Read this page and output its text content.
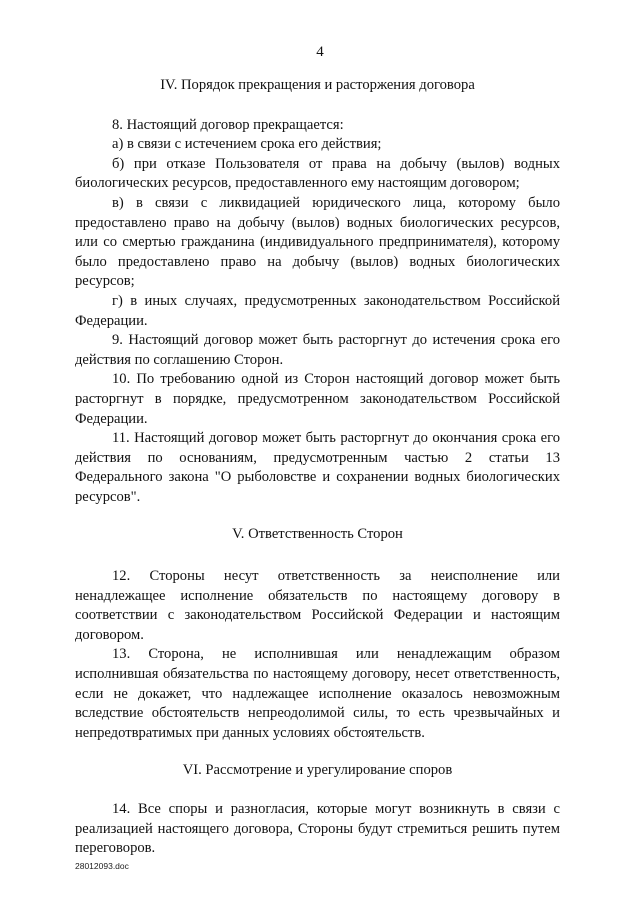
4
IV. Порядок прекращения и расторжения договора

8. Настоящий договор прекращается:

а) в связи с истечением срока его действия;

б) при отказе Пользователя от права на добычу (вылов) водных биологических ресурсов, предоставленного ему настоящим договором;

в) в связи с ликвидацией юридического лица, которому было предоставлено право на добычу (вылов) водных биологических ресурсов, или со смертью гражданина (индивидуального предпринимателя), которому было предоставлено право на добычу (вылов) водных биологических ресурсов;

г) в иных случаях, предусмотренных законодательством Российской Федерации.

9. Настоящий договор может быть расторгнут до истечения срока его действия по соглашению Сторон.

10. По требованию одной из Сторон настоящий договор может быть расторгнут в порядке, предусмотренном законодательством Российской Федерации.

11. Настоящий договор может быть расторгнут до окончания срока его действия по основаниям, предусмотренным частью 2 статьи 13 Федерального закона "О рыболовстве и сохранении водных биологических ресурсов".

V. Ответственность Сторон

12. Стороны несут ответственность за неисполнение или ненадлежащее исполнение обязательств по настоящему договору в соответствии с законодательством Российской Федерации и настоящим договором.

13. Сторона, не исполнившая или ненадлежащим образом исполнившая обязательства по настоящему договору, несет ответственность, если не докажет, что надлежащее исполнение оказалось невозможным вследствие обстоятельств непреодолимой силы, то есть чрезвычайных и непредотвратимых при данных условиях обстоятельств.

VI. Рассмотрение и урегулирование споров

14. Все споры и разногласия, которые могут возникнуть в связи с реализацией настоящего договора, Стороны будут стремиться решить путем переговоров.

28012093.doc
